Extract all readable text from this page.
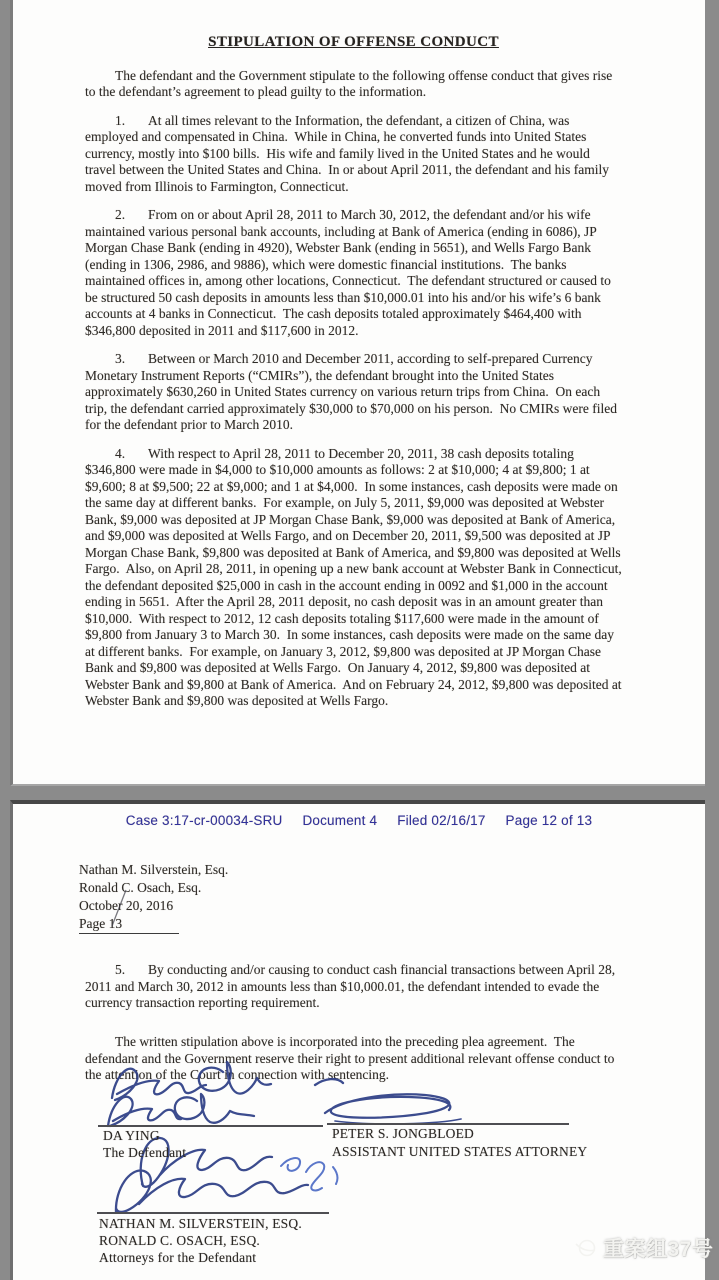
STIPULATION OF OFFENSE CONDUCT

The defendant and the Government stipulate to the following offense conduct that gives rise to the defendant’s agreement to plead guilty to the information.

1. At all times relevant to the Information, the defendant, a citizen of China, was employed and compensated in China.  While in China, he converted funds into United States currency, mostly into $100 bills.  His wife and family lived in the United States and he would travel between the United States and China.  In or about April 2011, the defendant and his family moved from Illinois to Farmington, Connecticut.

2. From on or about April 28, 2011 to March 30, 2012, the defendant and/or his wife maintained various personal bank accounts, including at Bank of America (ending in 6086), JP Morgan Chase Bank (ending in 4920), Webster Bank (ending in 5651), and Wells Fargo Bank (ending in 1306, 2986, and 9886), which were domestic financial institutions.  The banks maintained offices in, among other locations, Connecticut.  The defendant structured or caused to be structured 50 cash deposits in amounts less than $10,000.01 into his and/or his wife’s 6 bank accounts at 4 banks in Connecticut.  The cash deposits totaled approximately $464,400 with $346,800 deposited in 2011 and $117,600 in 2012.

3. Between or March 2010 and December 2011, according to self-prepared Currency Monetary Instrument Reports (“CMIRs”), the defendant brought into the United States approximately $630,260 in United States currency on various return trips from China.  On each trip, the defendant carried approximately $30,000 to $70,000 on his person.  No CMIRs were filed for the defendant prior to March 2010.

4. With respect to April 28, 2011 to December 20, 2011, 38 cash deposits totaling $346,800 were made in $4,000 to $10,000 amounts as follows: 2 at $10,000; 4 at $9,800; 1 at $9,600; 8 at $9,500; 22 at $9,000; and 1 at $4,000.  In some instances, cash deposits were made on the same day at different banks.  For example, on July 5, 2011, $9,000 was deposited at Webster Bank, $9,000 was deposited at JP Morgan Chase Bank, $9,000 was deposited at Bank of America, and $9,000 was deposited at Wells Fargo, and on December 20, 2011, $9,500 was deposited at JP Morgan Chase Bank, $9,800 was deposited at Bank of America, and $9,800 was deposited at Wells Fargo.  Also, on April 28, 2011, in opening up a new bank account at Webster Bank in Connecticut, the defendant deposited $25,000 in cash in the account ending in 0092 and $1,000 in the account ending in 5651.  After the April 28, 2011 deposit, no cash deposit was in an amount greater than $10,000.  With respect to 2012, 12 cash deposits totaling $117,600 were made in the amount of $9,800 from January 3 to March 30.  In some instances, cash deposits were made on the same day at different banks.  For example, on January 3, 2012, $9,800 was deposited at JP Morgan Chase Bank and $9,800 was deposited at Wells Fargo.  On January 4, 2012, $9,800 was deposited at Webster Bank and $9,800 at Bank of America.  And on February 24, 2012, $9,800 was deposited at Webster Bank and $9,800 was deposited at Wells Fargo.

Case 3:17-cr-00034-SRU Document 4 Filed 02/16/17 Page 12 of 13
Nathan M. Silverstein, Esq.
Ronald C. Osach, Esq.
October 20, 2016
Page 13

5. By conducting and/or causing to conduct cash financial transactions between April 28, 2011 and March 30, 2012 in amounts less than $10,000.01, the defendant intended to evade the currency transaction reporting requirement.

The written stipulation above is incorporated into the preceding plea agreement.  The defendant and the Government reserve their right to present additional relevant offense conduct to the attention of the Court in connection with sentencing.

DA YING
The Defendant
PETER S. JONGBLOED
ASSISTANT UNITED STATES ATTORNEY
NATHAN M. SILVERSTEIN, ESQ.
RONALD C. OSACH, ESQ.
Attorneys for the Defendant	重案组37号
